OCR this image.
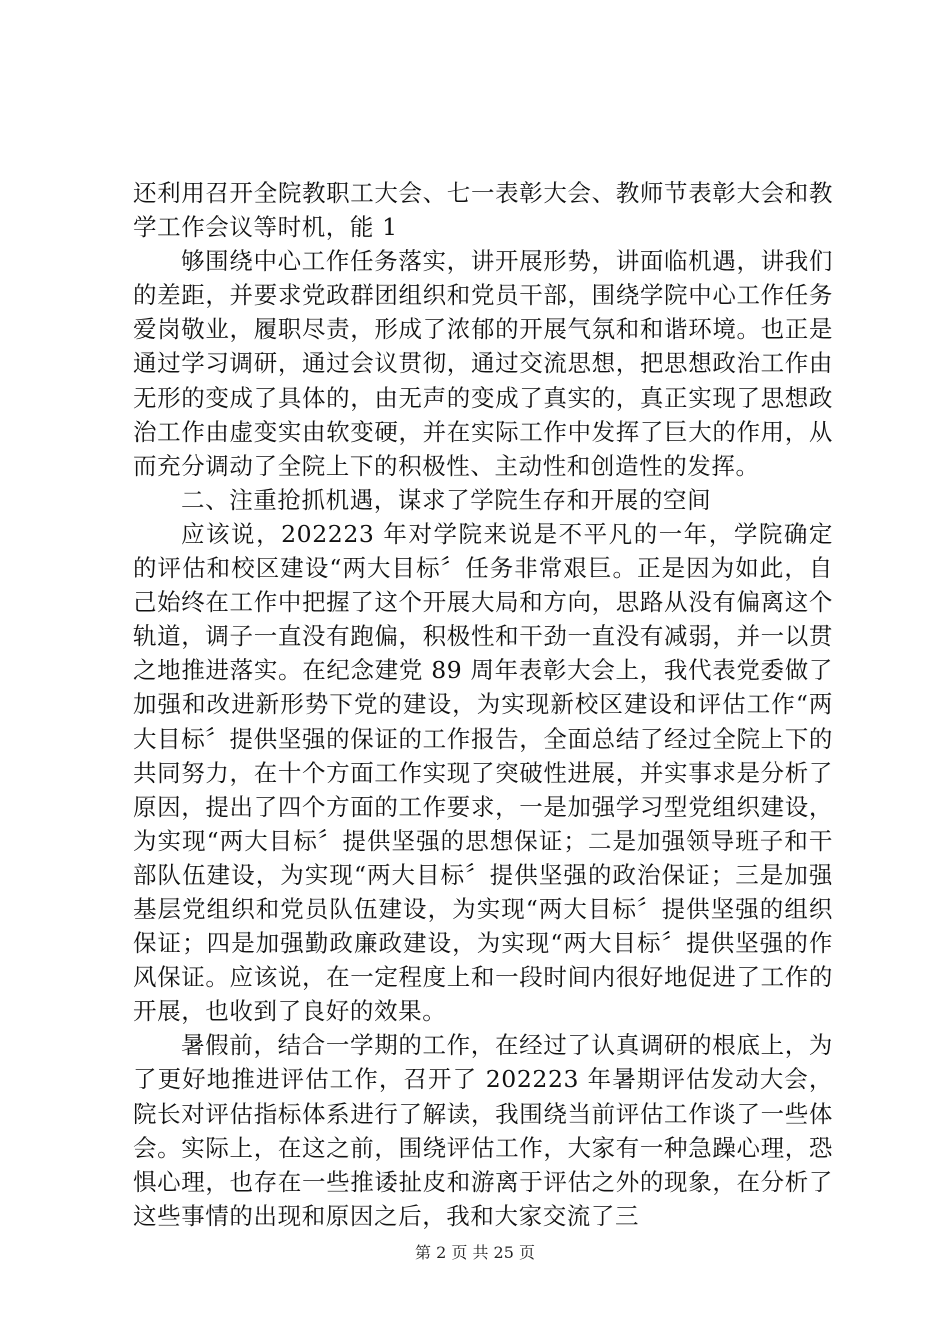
还利用召开全院教职工大会、七一表彰大会、教师节表彰大会和教学工作会议等时机，能 1

够围绕中心工作任务落实，讲开展形势，讲面临机遇，讲我们的差距，并要求党政群团组织和党员干部，围绕学院中心工作任务爱岗敬业，履职尽责，形成了浓郁的开展气氛和和谐环境。也正是通过学习调研，通过会议贯彻，通过交流思想，把思想政治工作由无形的变成了具体的，由无声的变成了真实的，真正实现了思想政治工作由虚变实由软变硬，并在实际工作中发挥了巨大的作用，从而充分调动了全院上下的积极性、主动性和创造性的发挥。

二、注重抢抓机遇，谋求了学院生存和开展的空间

应该说，202223 年对学院来说是不平凡的一年，学院确定的评估和校区建设“两大目标〞任务非常艰巨。正是因为如此，自己始终在工作中把握了这个开展大局和方向，思路从没有偏离这个轨道，调子一直没有跑偏，积极性和干劲一直没有减弱，并一以贯之地推进落实。在纪念建党 89 周年表彰大会上，我代表党委做了加强和改进新形势下党的建设，为实现新校区建设和评估工作“两大目标〞提供坚强的保证的工作报告，全面总结了经过全院上下的共同努力，在十个方面工作实现了突破性进展，并实事求是分析了原因，提出了四个方面的工作要求，一是加强学习型党组织建设，为实现“两大目标〞提供坚强的思想保证；二是加强领导班子和干部队伍建设，为实现“两大目标〞提供坚强的政治保证；三是加强基层党组织和党员队伍建设，为实现“两大目标〞提供坚强的组织保证；四是加强勤政廉政建设，为实现“两大目标〞提供坚强的作风保证。应该说，在一定程度上和一段时间内很好地促进了工作的开展，也收到了良好的效果。

暑假前，结合一学期的工作，在经过了认真调研的根底上，为了更好地推进评估工作，召开了 202223 年暑期评估发动大会，院长对评估指标体系进行了解读，我围绕当前评估工作谈了一些体会。实际上，在这之前，围绕评估工作，大家有一种急躁心理，恐惧心理，也存在一些推诿扯皮和游离于评估之外的现象，在分析了这些事情的出现和原因之后，我和大家交流了三

第 2 页 共 25 页
